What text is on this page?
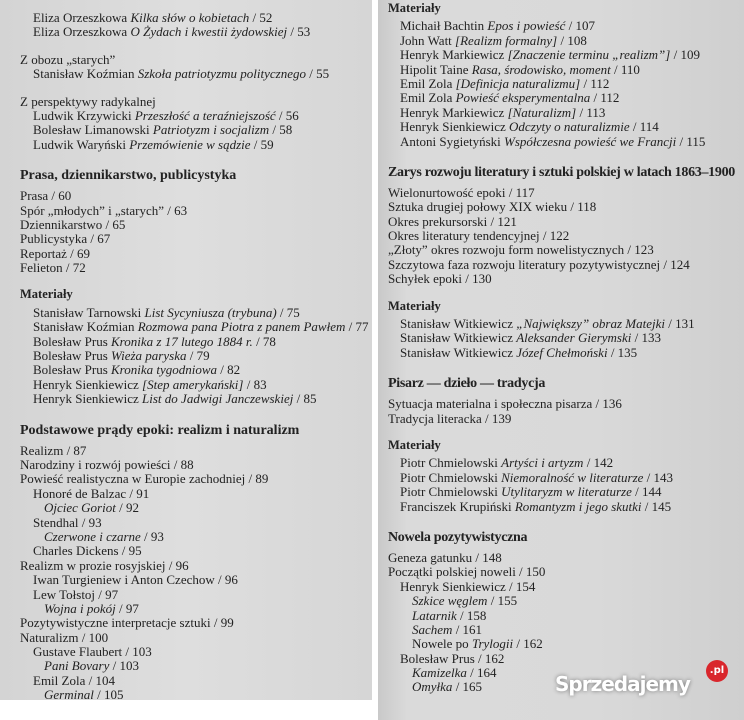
Eliza Orzeszkowa Kilka słów o kobietach / 52
Eliza Orzeszkowa O Żydach i kwestii żydowskiej / 53
Z obozu „starych”
Stanisław Koźmian Szkoła patriotyzmu politycznego / 55
Z perspektywy radykalnej
Ludwik Krzywicki Przeszłość a teraźniejszość / 56
Bolesław Limanowski Patriotyzm i socjalizm / 58
Ludwik Waryński Przemówienie w sądzie / 59
Prasa, dziennikarstwo, publicystyka
Prasa / 60
Spór „młodych” i „starych” / 63
Dziennikarstwo / 65
Publicystyka / 67
Reportaż / 69
Felieton / 72
Materiały
Stanisław Tarnowski List Sycyniusza (trybuna) / 75
Stanisław Koźmian Rozmowa pana Piotra z panem Pawłem / 77
Bolesław Prus Kronika z 17 lutego 1884 r. / 78
Bolesław Prus Wieża paryska / 79
Bolesław Prus Kronika tygodniowa / 82
Henryk Sienkiewicz [Step amerykański] / 83
Henryk Sienkiewicz List do Jadwigi Janczewskiej / 85
Podstawowe prądy epoki: realizm i naturalizm
Realizm / 87
Narodziny i rozwój powieści / 88
Powieść realistyczna w Europie zachodniej / 89
Honoré de Balzac / 91
Ojciec Goriot / 92
Stendhal / 93
Czerwone i czarne / 93
Charles Dickens / 95
Realizm w prozie rosyjskiej / 96
Iwan Turgieniew i Anton Czechow / 96
Lew Tołstoj / 97
Wojna i pokój / 97
Pozytywistyczne interpretacje sztuki / 99
Naturalizm / 100
Gustave Flaubert / 103
Pani Bovary / 103
Emil Zola / 104
Germinal / 105
Materiały
Michaił Bachtin Epos i powieść / 107
John Watt [Realizm formalny] / 108
Henryk Markiewicz [Znaczenie terminu „realizm”] / 109
Hipolit Taine Rasa, środowisko, moment / 110
Emil Zola [Definicja naturalizmu] / 112
Emil Zola Powieść eksperymentalna / 112
Henryk Markiewicz [Naturalizm] / 113
Henryk Sienkiewicz Odczyty o naturalizmie / 114
Antoni Sygietyński Współczesna powieść we Francji / 115
Zarys rozwoju literatury i sztuki polskiej w latach 1863–1900
Wielonurtowość epoki / 117
Sztuka drugiej połowy XIX wieku / 118
Okres prekursorski / 121
Okres literatury tendencyjnej / 122
„Złoty” okres rozwoju form nowelistycznych / 123
Szczytowa faza rozwoju literatury pozytywistycznej / 124
Schyłek epoki / 130
Materiały
Stanisław Witkiewicz „Największy” obraz Matejki / 131
Stanisław Witkiewicz Aleksander Gierymski / 133
Stanisław Witkiewicz Józef Chełmoński / 135
Pisarz — dzieło — tradycja
Sytuacja materialna i społeczna pisarza / 136
Tradycja literacka / 139
Materiały
Piotr Chmielowski Artyści i artyzm / 142
Piotr Chmielowski Niemoralność w literaturze / 143
Piotr Chmielowski Utylitaryzm w literaturze / 144
Franciszek Krupiński Romantyzm i jego skutki / 145
Nowela pozytywistyczna
Geneza gatunku / 148
Początki polskiej noweli / 150
Henryk Sienkiewicz / 154
Szkice węglem / 155
Latarnik / 158
Sachem / 161
Nowele po Trylogii / 162
Bolesław Prus / 162
Kamizelka / 164
Omyłka / 165	Sprzedajemy
.pl
